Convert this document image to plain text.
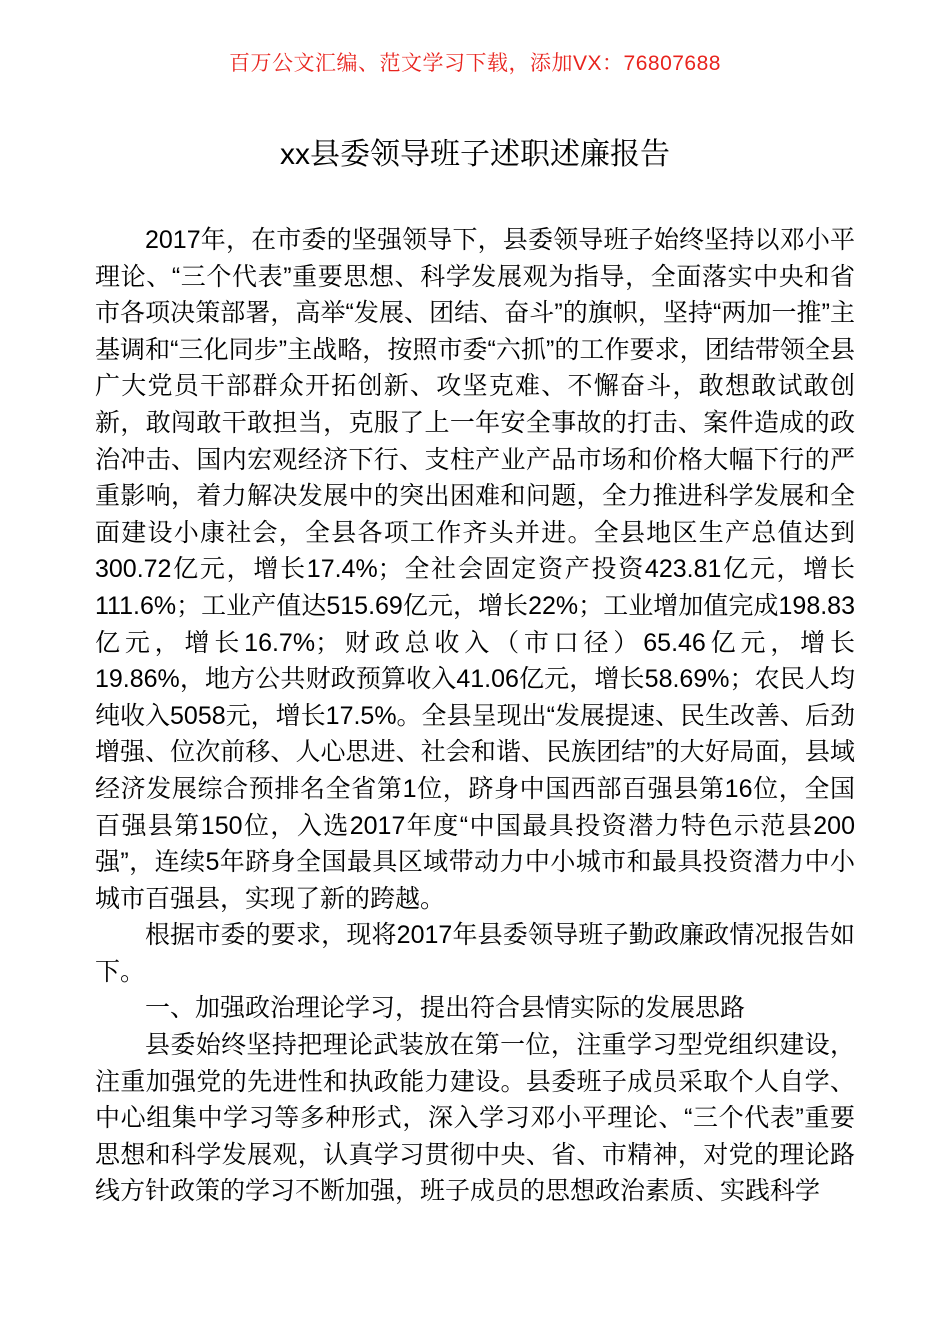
百万公文汇编、范文学习下载，添加VX：76807688
xx县委领导班子述职述廉报告

2017年，在市委的坚强领导下，县委领导班子始终坚持以邓小平理论、“三个代表”重要思想、科学发展观为指导，全面落实中央和省市各项决策部署，高举“发展、团结、奋斗”的旗帜，坚持“两加一推”主基调和“三化同步”主战略，按照市委“六抓”的工作要求，团结带领全县广大党员干部群众开拓创新、攻坚克难、不懈奋斗，敢想敢试敢创新，敢闯敢干敢担当，克服了上一年安全事故的打击、案件造成的政治冲击、国内宏观经济下行、支柱产业产品市场和价格大幅下行的严重影响，着力解决发展中的突出困难和问题，全力推进科学发展和全面建设小康社会，全县各项工作齐头并进。全县地区生产总值达到300.72亿元，增长17.4%；全社会固定资产投资423.81亿元，增长111.6%；工业产值达515.69亿元，增长22%；工业增加值完成198.83亿元，增长16.7%；财政总收入（市口径）65.46亿元，增长19.86%，地方公共财政预算收入41.06亿元，增长58.69%；农民人均纯收入5058元，增长17.5%。全县呈现出“发展提速、民生改善、后劲增强、位次前移、人心思进、社会和谐、民族团结”的大好局面，县域经济发展综合预排名全省第1位，跻身中国西部百强县第16位，全国百强县第150位，入选2017年度“中国最具投资潜力特色示范县200强”，连续5年跻身全国最具区域带动力中小城市和最具投资潜力中小城市百强县，实现了新的跨越。

根据市委的要求，现将2017年县委领导班子勤政廉政情况报告如下。

一、加强政治理论学习，提出符合县情实际的发展思路

县委始终坚持把理论武装放在第一位，注重学习型党组织建设，注重加强党的先进性和执政能力建设。县委班子成员采取个人自学、中心组集中学习等多种形式，深入学习邓小平理论、“三个代表”重要思想和科学发展观，认真学习贯彻中央、省、市精神，对党的理论路线方针政策的学习不断加强，班子成员的思想政治素质、实践科学
